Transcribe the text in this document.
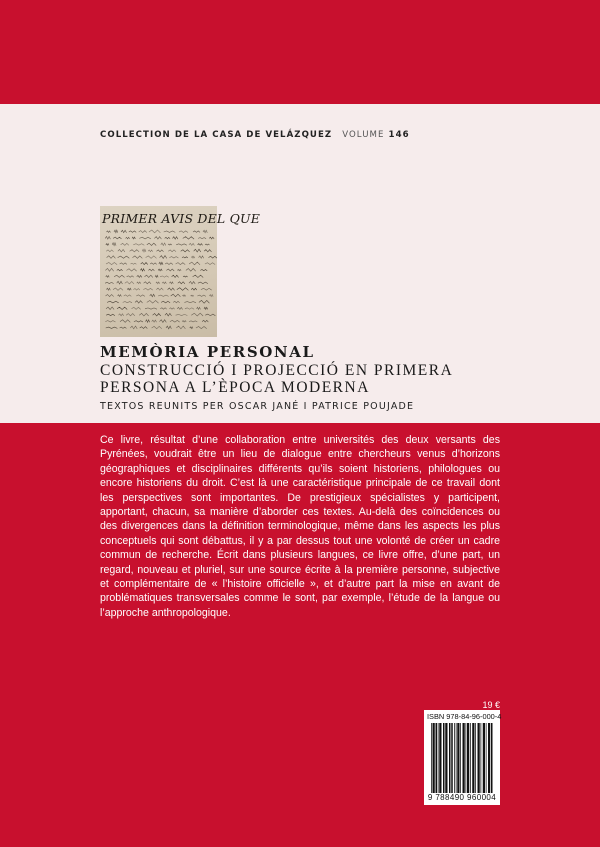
COLLECTION DE LA CASA DE VELÁZQUEZ VOLUME 146
PRIMER AVIS DEL QUE
MEMÒRIA PERSONAL
CONSTRUCCIÓ I PROJECCIÓ EN PRIMERA
PERSONA A L’ÈPOCA MODERNA
TEXTOS REUNITS PER OSCAR JANÉ I PATRICE POUJADE

Ce livre, résultat d’une collaboration entre universités des deux versants des Pyrénées, voudrait être un lieu de dialogue entre chercheurs venus d’horizons géographiques et disciplinaires différents qu’ils soient historiens, philologues ou encore historiens du droit. C’est là une caractéristique principale de ce travail dont les perspectives sont importantes. De prestigieux spécialistes y participent, apportant, chacun, sa manière d’aborder ces textes. Au-delà des coïncidences ou des divergences dans la définition terminologique, même dans les aspects les plus conceptuels qui sont débattus, il y a par dessus tout une volonté de créer un cadre commun de recherche. Écrit dans plusieurs langues, ce livre offre, d’une part, un regard, nouveau et pluriel, sur une source écrite à la première personne, subjective et complémentaire de « l’histoire officielle », et d’autre part la mise en avant de problématiques transversales comme le sont, par exemple, l’étude de la langue ou l’approche anthropologique.

19 €
ISBN 978-84-96-000-4
9 788490 960004
